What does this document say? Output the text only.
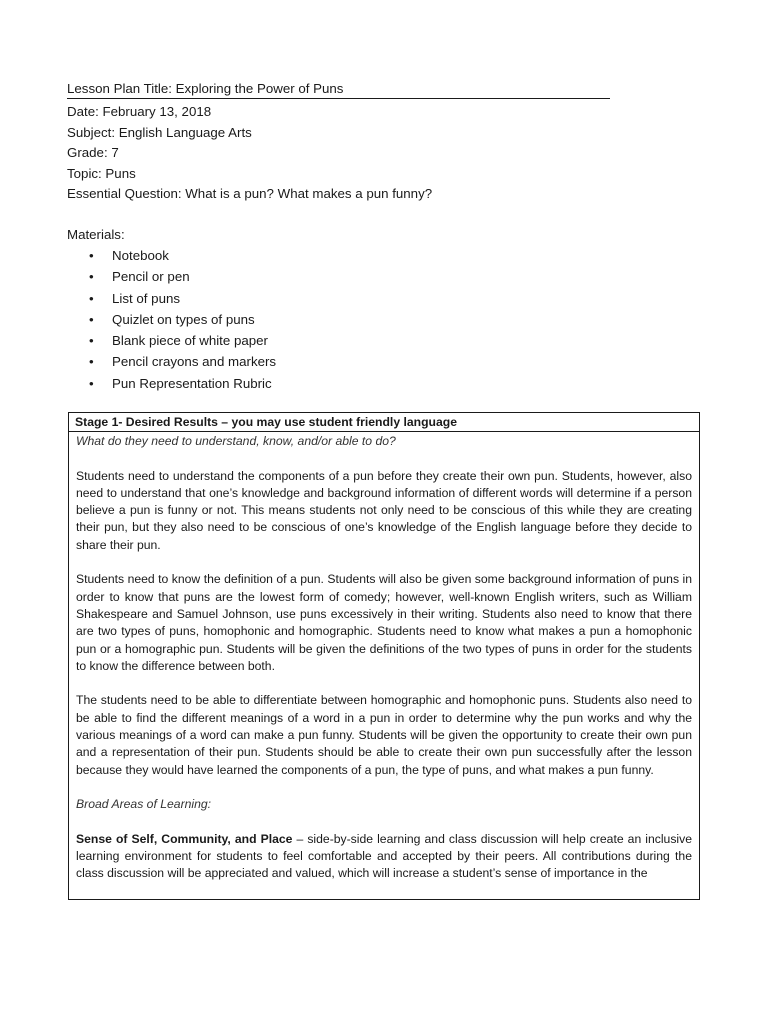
Lesson Plan Title: Exploring the Power of Puns
Date: February 13, 2018
Subject: English Language Arts
Grade: 7
Topic: Puns
Essential Question: What is a pun? What makes a pun funny?
Materials:
• Notebook
• Pencil or pen
• List of puns
• Quizlet on types of puns
• Blank piece of white paper
• Pencil crayons and markers
• Pun Representation Rubric
Stage 1- Desired Results – you may use student friendly language

What do they need to understand, know, and/or able to do?

Students need to understand the components of a pun before they create their own pun. Students, however, also need to understand that one’s knowledge and background information of different words will determine if a person believe a pun is funny or not. This means students not only need to be conscious of this while they are creating their pun, but they also need to be conscious of one’s knowledge of the English language before they decide to share their pun.

Students need to know the definition of a pun. Students will also be given some background information of puns in order to know that puns are the lowest form of comedy; however, well-known English writers, such as William Shakespeare and Samuel Johnson, use puns excessively in their writing. Students also need to know that there are two types of puns, homophonic and homographic. Students need to know what makes a pun a homophonic pun or a homographic pun. Students will be given the definitions of the two types of puns in order for the students to know the difference between both.

The students need to be able to differentiate between homographic and homophonic puns. Students also need to be able to find the different meanings of a word in a pun in order to determine why the pun works and why the various meanings of a word can make a pun funny. Students will be given the opportunity to create their own pun and a representation of their pun. Students should be able to create their own pun successfully after the lesson because they would have learned the components of a pun, the type of puns, and what makes a pun funny.

Broad Areas of Learning:

Sense of Self, Community, and Place – side-by-side learning and class discussion will help create an inclusive learning environment for students to feel comfortable and accepted by their peers. All contributions during the class discussion will be appreciated and valued, which will increase a student’s sense of importance in the
